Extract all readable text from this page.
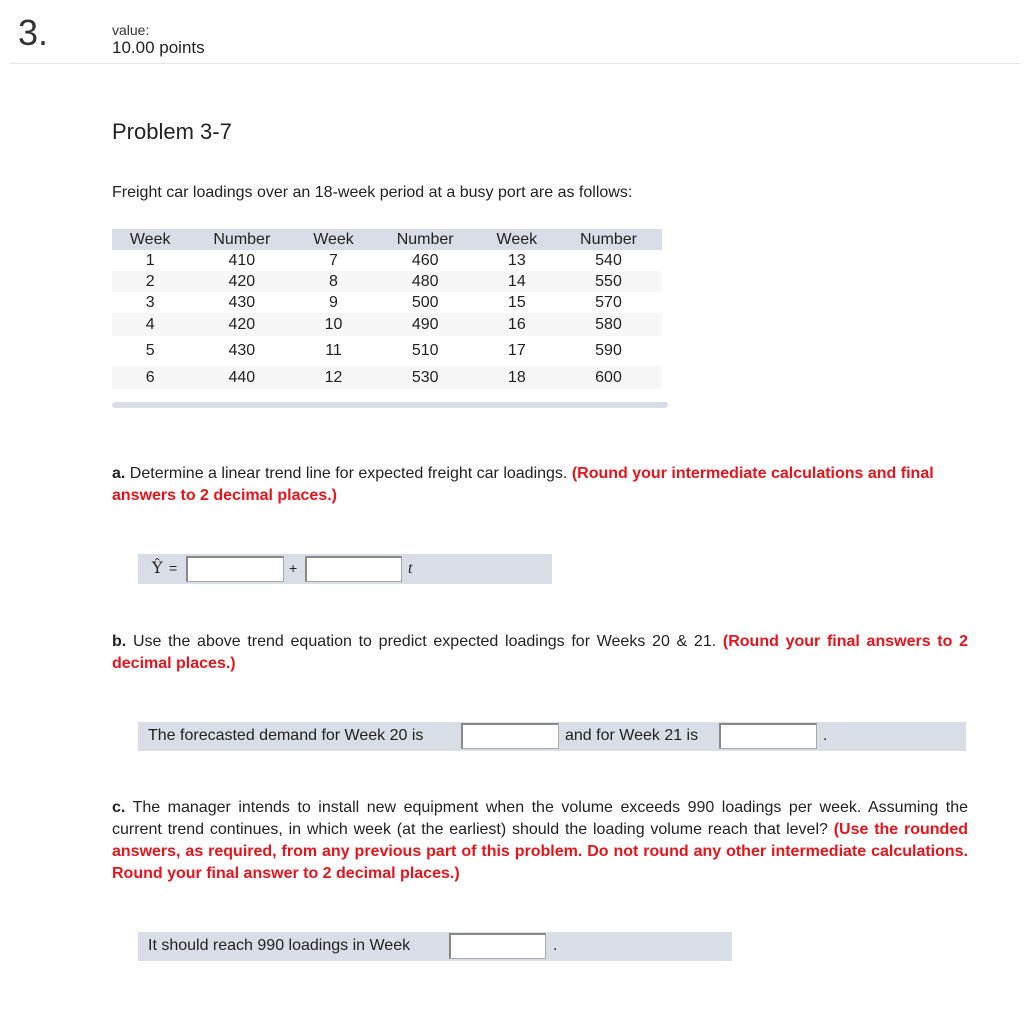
3.	value:
10.00 points
Problem 3-7
Freight car loadings over an 18-week period at a busy port are as follows:
Week	Number	Week	Number	Week	Number
1	410	7	460	13	540
2	420	8	480	14	550
3	430	9	500	15	570
4	420	10	490	16	580
5	430	11	510	17	590
6	440	12	530	18	600
a. Determine a linear trend line for expected freight car loadings. (Round your intermediate calculations and final answers to 2 decimal places.)
Ŷ =	+	t
b. Use the above trend equation to predict expected loadings for Weeks 20 & 21. (Round your final answers to 2 decimal places.)
The forecasted demand for Week 20 is	and for Week 21 is	.
c. The manager intends to install new equipment when the volume exceeds 990 loadings per week. Assuming the current trend continues, in which week (at the earliest) should the loading volume reach that level? (Use the rounded answers, as required, from any previous part of this problem. Do not round any other intermediate calculations. Round your final answer to 2 decimal places.)
It should reach 990 loadings in Week	.
